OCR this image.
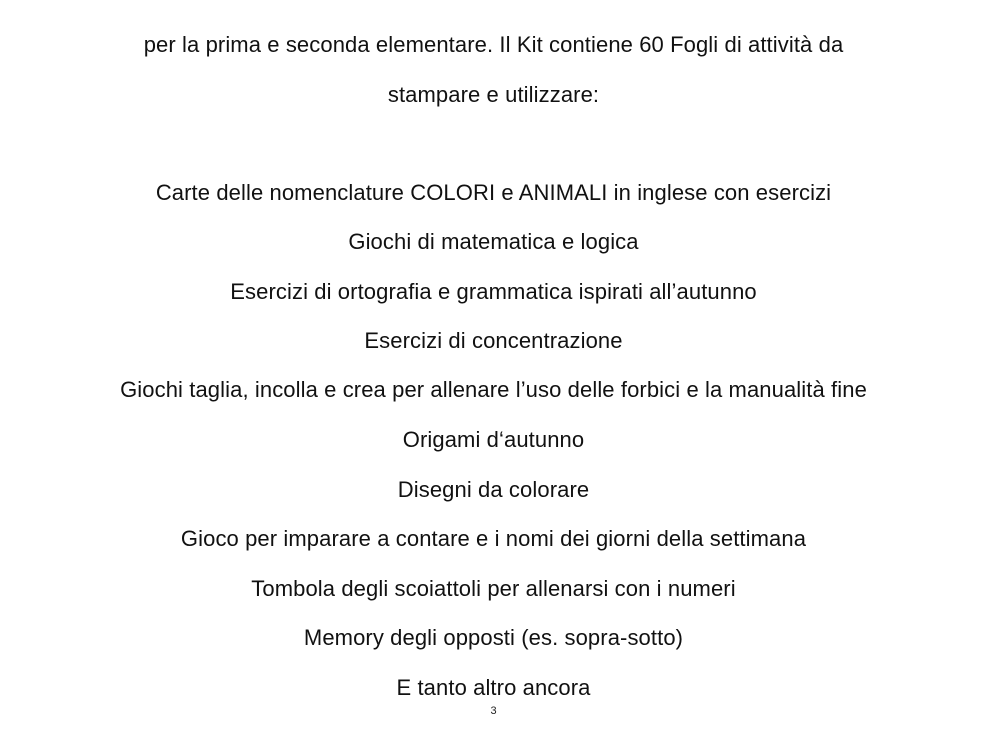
per la prima e seconda elementare. Il Kit contiene 60 Fogli di attività da
stampare e utilizzare:
Carte delle nomenclature COLORI e ANIMALI in inglese con esercizi
Giochi di matematica e logica
Esercizi di ortografia e grammatica ispirati all’autunno
Esercizi di concentrazione
Giochi taglia, incolla e crea per allenare l’uso delle forbici e la manualità fine
Origami d‘autunno
Disegni da colorare
Gioco per imparare a contare e i nomi dei giorni della settimana
Tombola degli scoiattoli per allenarsi con i numeri
Memory degli opposti (es. sopra-sotto)
E tanto altro ancora
3
